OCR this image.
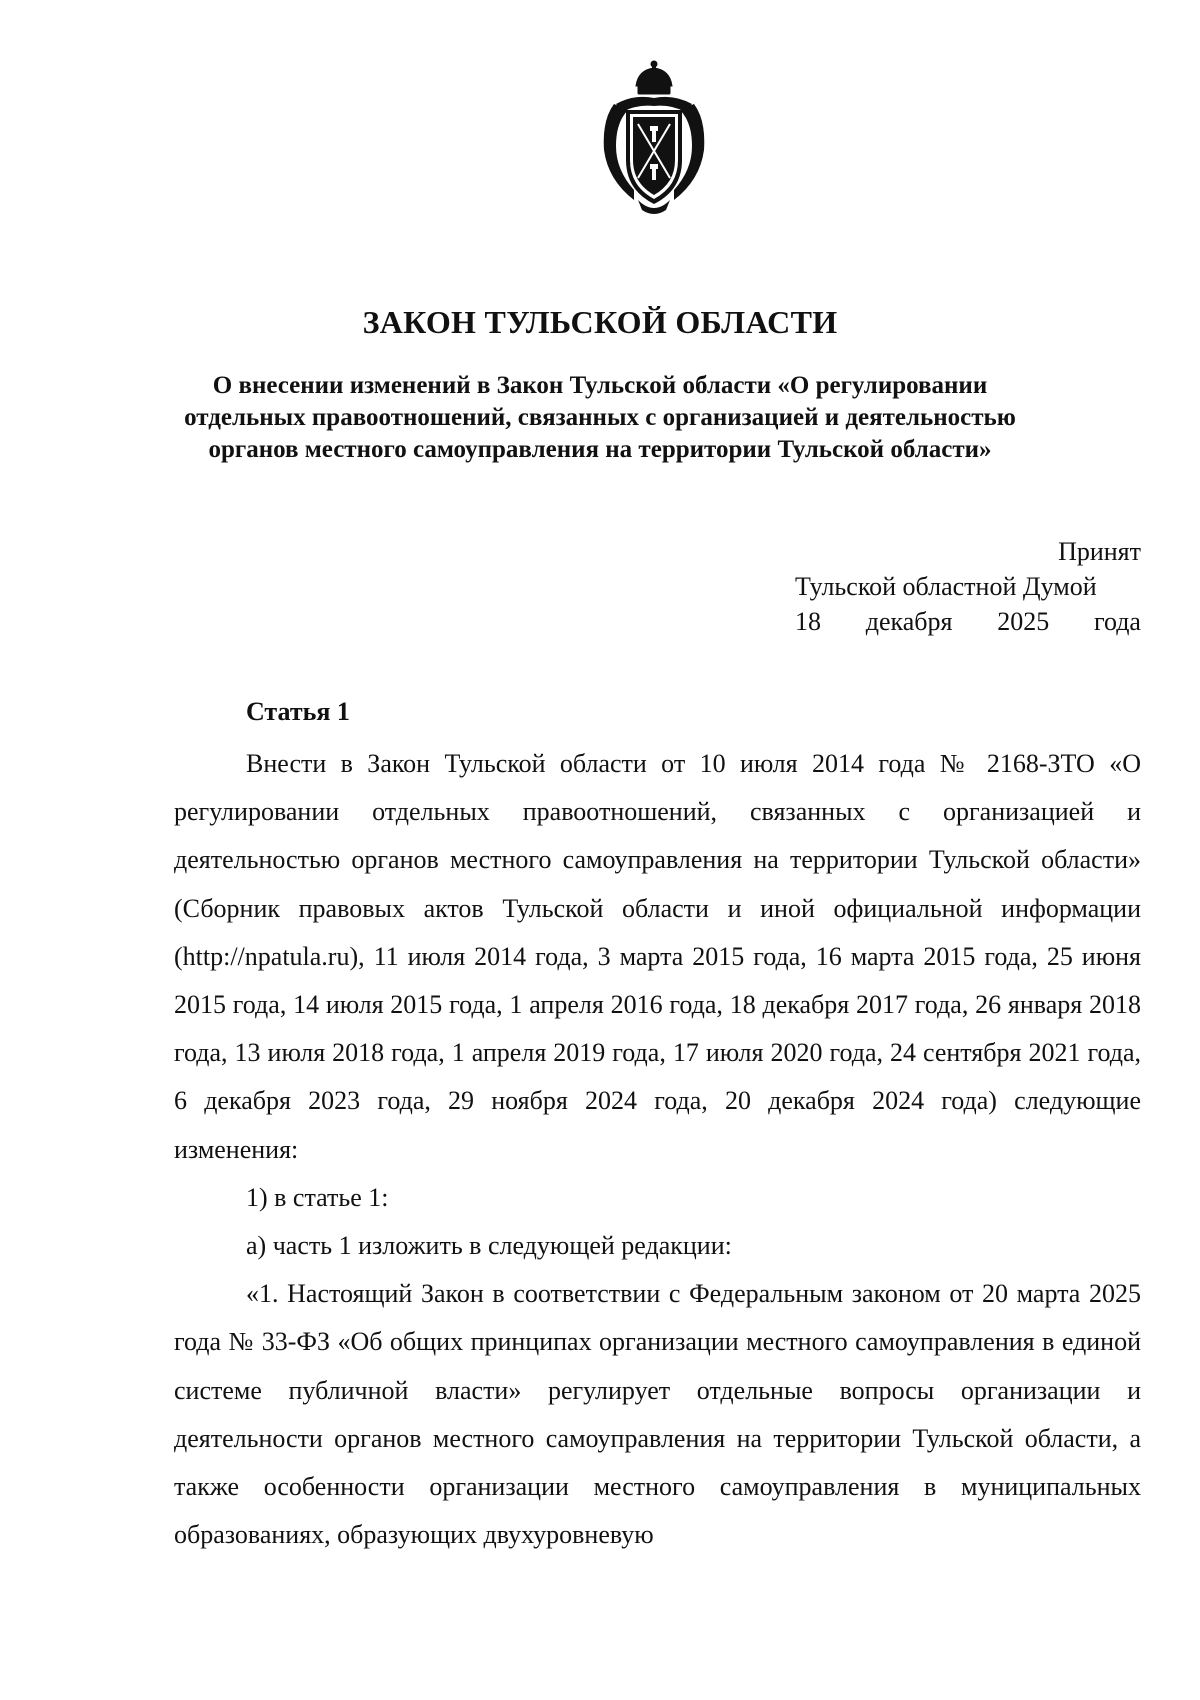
ЗАКОН ТУЛЬСКОЙ ОБЛАСТИ
О внесении изменений в Закон Тульской области «О регулировании отдельных правоотношений, связанных с организацией и деятельностью органов местного самоуправления на территории Тульской области»
Принят
Тульской областной Думой
18 декабря 2025 года
Статья 1

Внести в Закон Тульской области от 10 июля 2014 года № 2168-ЗТО «О регулировании отдельных правоотношений, связанных с организацией и деятельностью органов местного самоуправления на территории Тульской области» (Сборник правовых актов Тульской области и иной официальной информации (http://npatula.ru), 11 июля 2014 года, 3 марта 2015 года, 16 марта 2015 года, 25 июня 2015 года, 14 июля 2015 года, 1 апреля 2016 года, 18 декабря 2017 года, 26 января 2018 года, 13 июля 2018 года, 1 апреля 2019 года, 17 июля 2020 года, 24 сентября 2021 года, 6 декабря 2023 года, 29 ноября 2024 года, 20 декабря 2024 года) следующие изменения:

1) в статье 1:

а) часть 1 изложить в следующей редакции:

«1. Настоящий Закон в соответствии с Федеральным законом от 20 марта 2025 года № 33-ФЗ «Об общих принципах организации местного самоуправления в единой системе публичной власти» регулирует отдельные вопросы организации и деятельности органов местного самоуправления на территории Тульской области, а также особенности организации местного самоуправления в муниципальных образованиях, образующих двухуровневую
